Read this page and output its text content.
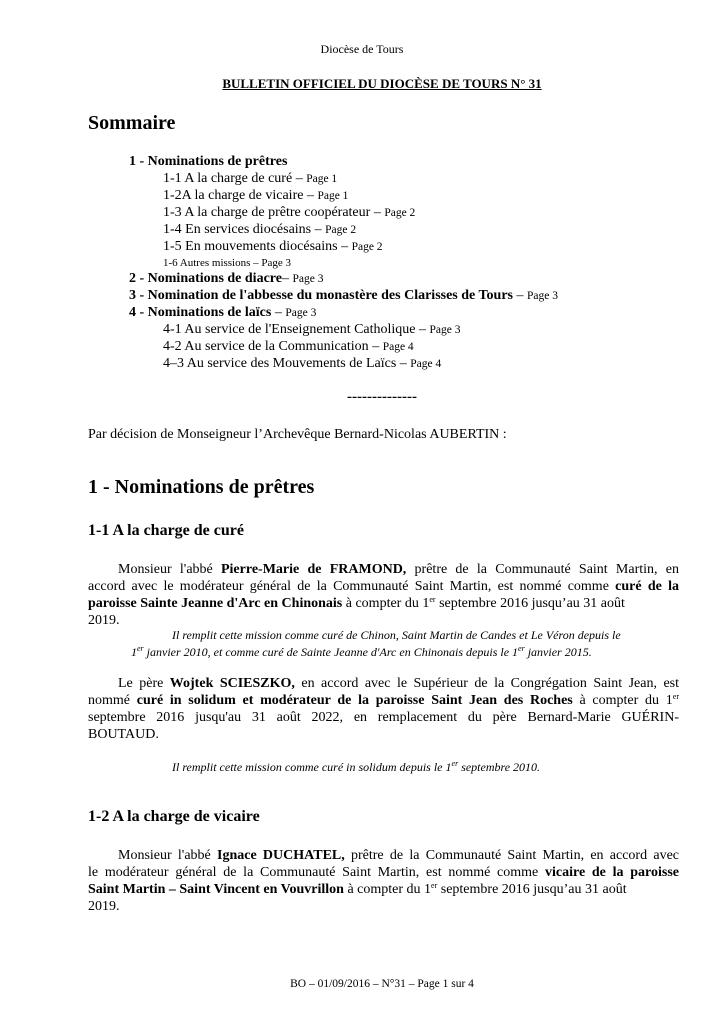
Diocèse de Tours
BULLETIN OFFICIEL DU DIOCÈSE DE TOURS N° 31
Sommaire
1 - Nominations de prêtres
1-1 A la charge de curé – Page 1
1-2A la charge de vicaire – Page 1
1-3 A la charge de prêtre coopérateur – Page 2
1-4 En services diocésains – Page 2
1-5 En mouvements diocésains – Page 2
1-6 Autres missions – Page 3
2 - Nominations de diacre– Page 3
3 - Nomination de l'abbesse du monastère des Clarisses de Tours – Page 3
4 - Nominations de laïcs – Page 3
4-1 Au service de l'Enseignement Catholique – Page 3
4-2 Au service de la Communication – Page 4
4–3 Au service des Mouvements de Laïcs – Page 4
--------------
Par décision de Monseigneur l’Archevêque Bernard-Nicolas AUBERTIN :
1 - Nominations de prêtres
1-1 A la charge de curé
Monsieur l'abbé Pierre-Marie de FRAMOND, prêtre de la Communauté Saint Martin, en
accord avec le modérateur général de la Communauté Saint Martin, est nommé comme curé de la
paroisse Sainte Jeanne d'Arc en Chinonais à compter du 1er septembre 2016 jusqu’au 31 août
2019.
Il remplit cette mission comme curé de Chinon, Saint Martin de Candes et Le Véron depuis le
1er janvier 2010, et comme curé de Sainte Jeanne d'Arc en Chinonais depuis le 1er janvier 2015.
Le père Wojtek SCIESZKO, en accord avec le Supérieur de la Congrégation Saint Jean, est
nommé curé in solidum et modérateur de la paroisse Saint Jean des Roches à compter du 1er
septembre 2016 jusqu'au 31 août 2022, en remplacement du père Bernard-Marie GUÉRIN-
BOUTAUD.
Il remplit cette mission comme curé in solidum depuis le 1er septembre 2010.
1-2 A la charge de vicaire
Monsieur l'abbé Ignace DUCHATEL, prêtre de la Communauté Saint Martin, en accord avec
le modérateur général de la Communauté Saint Martin, est nommé comme vicaire de la paroisse
Saint Martin – Saint Vincent en Vouvrillon à compter du 1er septembre 2016 jusqu’au 31 août
2019.
BO – 01/09/2016 – N°31 – Page 1 sur 4
